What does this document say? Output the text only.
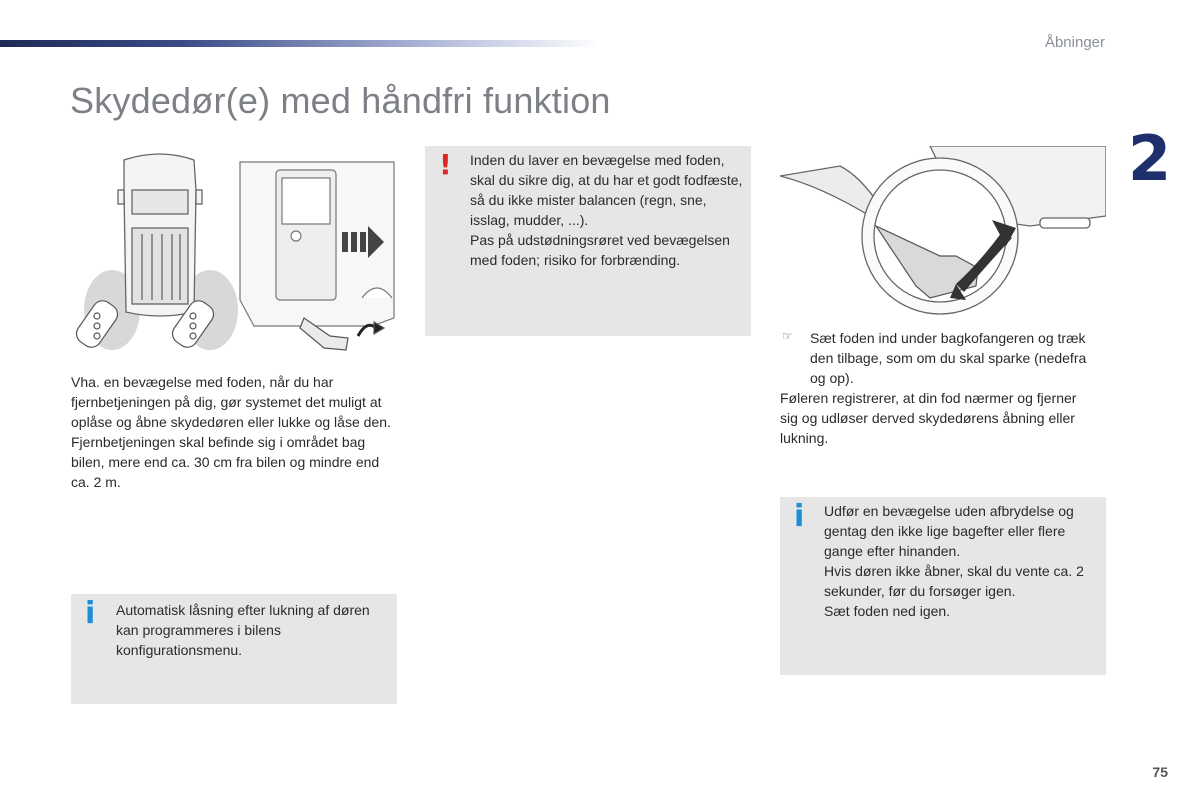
Åbninger
2
Skydedør(e) med håndfri funktion
Vha. en bevægelse med foden, når du har fjernbetjeningen på dig, gør systemet det muligt at oplåse og åbne skydedøren eller lukke og låse den.
Fjernbetjeningen skal befinde sig i området bag bilen, mere end ca. 30 cm fra bilen og mindre end ca. 2 m.
i Automatisk låsning efter lukning af døren kan programmeres i bilens konfigurationsmenu.
! Inden du laver en bevægelse med foden, skal du sikre dig, at du har et godt fodfæste, så du ikke mister balancen (regn, sne, isslag, mudder, ...).
Pas på udstødningsrøret ved bevægelsen med foden; risiko for forbrænding.
☞ Sæt foden ind under bagkofangeren og træk den tilbage, som om du skal sparke (nedefra og op).
Føleren registrerer, at din fod nærmer og fjerner sig og udløser derved skydedørens åbning eller lukning.
i Udfør en bevægelse uden afbrydelse og gentag den ikke lige bagefter eller flere gange efter hinanden.
Hvis døren ikke åbner, skal du vente ca. 2 sekunder, før du forsøger igen.
Sæt foden ned igen.
75
